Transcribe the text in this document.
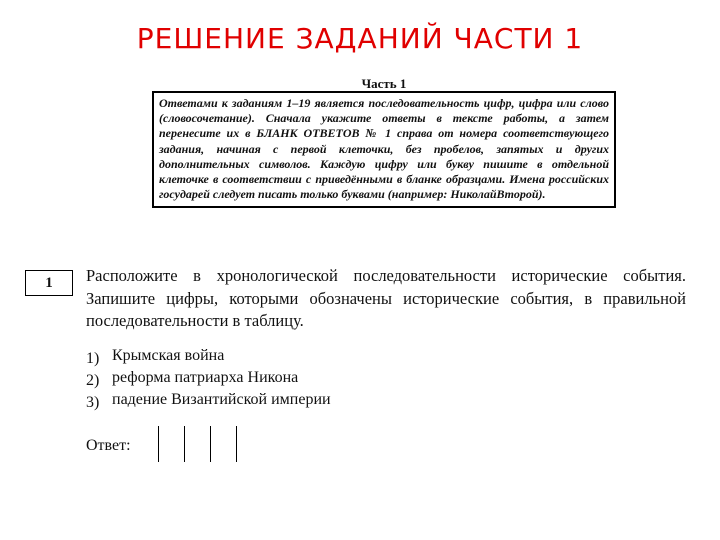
РЕШЕНИЕ ЗАДАНИЙ ЧАСТИ 1
Часть 1
Ответами к заданиям 1–19 является последовательность цифр, цифра или слово (словосочетание). Сначала укажите ответы в тексте работы, а затем перенесите их в БЛАНК ОТВЕТОВ № 1 справа от номера соответствующего задания, начиная с первой клеточки, без пробелов, запятых и других дополнительных символов. Каждую цифру или букву пишите в отдельной клеточке в соответствии с приведёнными в бланке образцами. Имена российских государей следует писать только буквами (например: НиколайВторой).
1	Расположите в хронологической последовательности исторические события. Запишите цифры, которыми обозначены исторические события, в правильной последовательности в таблицу.
1) Крымская война
2) реформа патриарха Никона
3) падение Византийской империи
Ответ:
